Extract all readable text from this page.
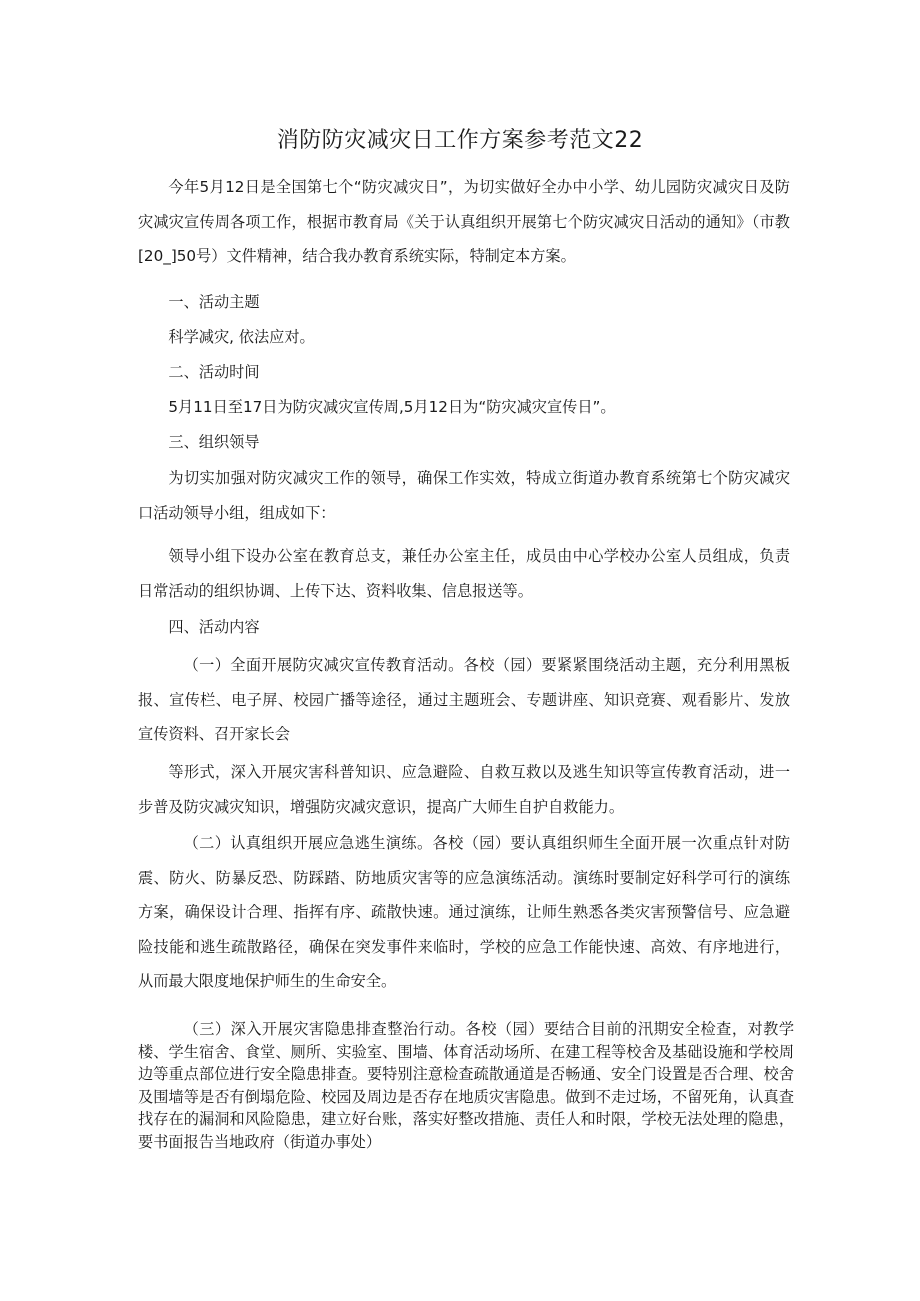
消防防灾减灾日工作方案参考范文22

今年5月12日是全国第七个“防灾减灾日”，为切实做好全办中小学、幼儿园防灾减灾日及防灾减灾宣传周各项工作，根据市教育局《关于认真组织开展第七个防灾减灾日活动的通知》（市教[20_]50号）文件精神，结合我办教育系统实际，特制定本方案。

一、活动主题

科学减灾, 依法应对。

二、活动时间

5月11日至17日为防灾减灾宣传周,5月12日为“防灾减灾宣传日”。

三、组织领导

为切实加强对防灾减灾工作的领导，确保工作实效，特成立街道办教育系统第七个防灾减灾口活动领导小组，组成如下：

领导小组下设办公室在教育总支，兼任办公室主任，成员由中心学校办公室人员组成，负责日常活动的组织协调、上传下达、资料收集、信息报送等。

四、活动内容

（一）全面开展防灾减灾宣传教育活动。各校（园）要紧紧围绕活动主题，充分利用黑板报、宣传栏、电子屏、校园广播等途径，通过主题班会、专题讲座、知识竞赛、观看影片、发放宣传资料、召开家长会

等形式，深入开展灾害科普知识、应急避险、自救互救以及逃生知识等宣传教育活动，进一步普及防灾减灾知识，增强防灾减灾意识，提高广大师生自护自救能力。

（二）认真组织开展应急逃生演练。各校（园）要认真组织师生全面开展一次重点针对防震、防火、防暴反恐、防踩踏、防地质灾害等的应急演练活动。演练时要制定好科学可行的演练方案，确保设计合理、指挥有序、疏散快速。通过演练，让师生熟悉各类灾害预警信号、应急避险技能和逃生疏散路径，确保在突发事件来临时，学校的应急工作能快速、高效、有序地进行，从而最大限度地保护师生的生命安全。

（三）深入开展灾害隐患排查整治行动。各校（园）要结合目前的汛期安全检查，对教学楼、学生宿舍、食堂、厕所、实验室、围墙、体育活动场所、在建工程等校舍及基础设施和学校周边等重点部位进行安全隐患排查。要特别注意检查疏散通道是否畅通、安全门设置是否合理、校舍及围墙等是否有倒塌危险、校园及周边是否存在地质灾害隐患。做到不走过场，不留死角，认真查找存在的漏洞和风险隐患，建立好台账，落实好整改措施、责任人和时限，学校无法处理的隐患，要书面报告当地政府（街道办事处）
